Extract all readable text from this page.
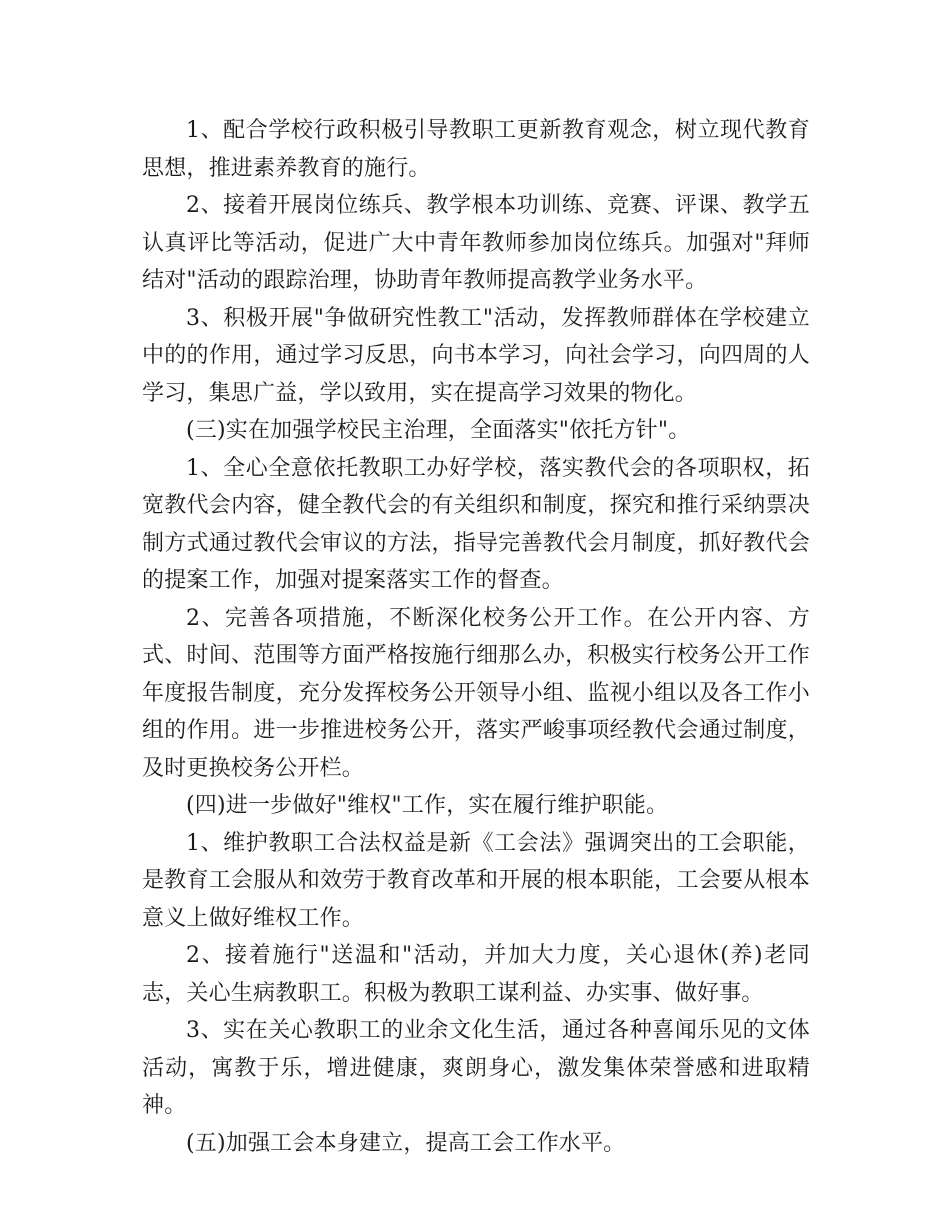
1、配合学校行政积极引导教职工更新教育观念，树立现代教育思想，推进素养教育的施行。

2、接着开展岗位练兵、教学根本功训练、竞赛、评课、教学五认真评比等活动，促进广大中青年教师参加岗位练兵。加强对"拜师结对"活动的跟踪治理，协助青年教师提高教学业务水平。

3、积极开展"争做研究性教工"活动，发挥教师群体在学校建立中的的作用，通过学习反思，向书本学习，向社会学习，向四周的人学习，集思广益，学以致用，实在提高学习效果的物化。

(三)实在加强学校民主治理，全面落实"依托方针"。

1、全心全意依托教职工办好学校，落实教代会的各项职权，拓宽教代会内容，健全教代会的有关组织和制度，探究和推行采纳票决制方式通过教代会审议的方法，指导完善教代会月制度，抓好教代会的提案工作，加强对提案落实工作的督查。

2、完善各项措施，不断深化校务公开工作。在公开内容、方式、时间、范围等方面严格按施行细那么办，积极实行校务公开工作年度报告制度，充分发挥校务公开领导小组、监视小组以及各工作小组的作用。进一步推进校务公开，落实严峻事项经教代会通过制度，及时更换校务公开栏。

(四)进一步做好"维权"工作，实在履行维护职能。

1、维护教职工合法权益是新《工会法》强调突出的工会职能，是教育工会服从和效劳于教育改革和开展的根本职能，工会要从根本意义上做好维权工作。

2、接着施行"送温和"活动，并加大力度，关心退休(养)老同志，关心生病教职工。积极为教职工谋利益、办实事、做好事。

3、实在关心教职工的业余文化生活，通过各种喜闻乐见的文体活动，寓教于乐，增进健康，爽朗身心，激发集体荣誉感和进取精神。

(五)加强工会本身建立，提高工会工作水平。
